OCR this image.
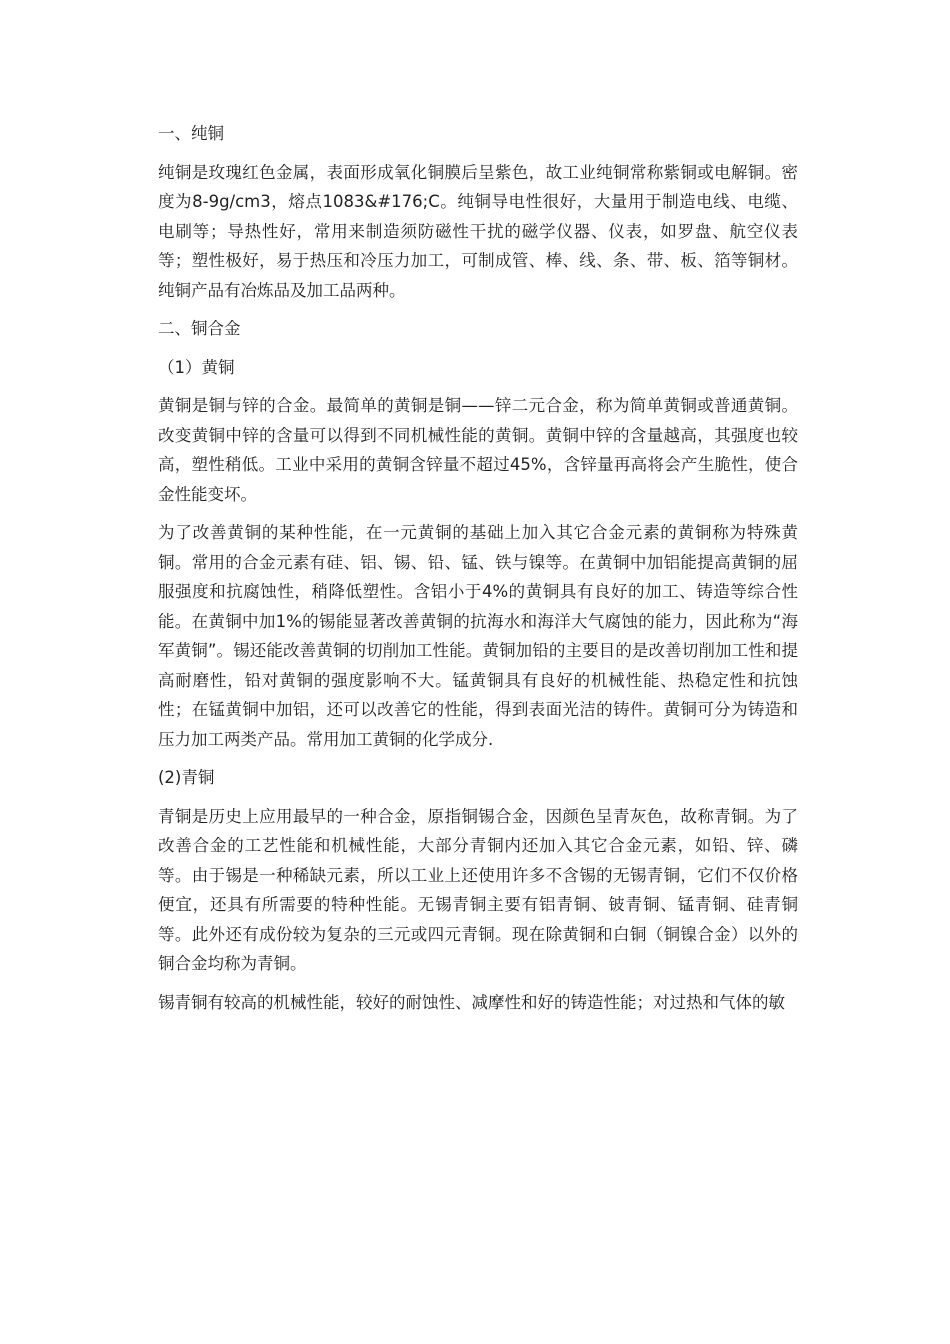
一、纯铜
纯铜是玫瑰红色金属，表面形成氧化铜膜后呈紫色，故工业纯铜常称紫铜或电解铜。密度为8-9g/cm3，熔点1083&#176;C。纯铜导电性很好，大量用于制造电线、电缆、电刷等；导热性好，常用来制造须防磁性干扰的磁学仪器、仪表，如罗盘、航空仪表等；塑性极好，易于热压和冷压力加工，可制成管、棒、线、条、带、板、箔等铜材。纯铜产品有冶炼品及加工品两种。
二、铜合金
（1）黄铜
黄铜是铜与锌的合金。最简单的黄铜是铜——锌二元合金，称为简单黄铜或普通黄铜。改变黄铜中锌的含量可以得到不同机械性能的黄铜。黄铜中锌的含量越高，其强度也较高，塑性稍低。工业中采用的黄铜含锌量不超过45%，含锌量再高将会产生脆性，使合金性能变坏。
为了改善黄铜的某种性能，在一元黄铜的基础上加入其它合金元素的黄铜称为特殊黄铜。常用的合金元素有硅、铝、锡、铅、锰、铁与镍等。在黄铜中加铝能提高黄铜的屈服强度和抗腐蚀性，稍降低塑性。含铝小于4%的黄铜具有良好的加工、铸造等综合性能。在黄铜中加1%的锡能显著改善黄铜的抗海水和海洋大气腐蚀的能力，因此称为“海军黄铜”。锡还能改善黄铜的切削加工性能。黄铜加铅的主要目的是改善切削加工性和提高耐磨性，铅对黄铜的强度影响不大。锰黄铜具有良好的机械性能、热稳定性和抗蚀性；在锰黄铜中加铝，还可以改善它的性能，得到表面光洁的铸件。黄铜可分为铸造和压力加工两类产品。常用加工黄铜的化学成分.
(2)青铜
青铜是历史上应用最早的一种合金，原指铜锡合金，因颜色呈青灰色，故称青铜。为了改善合金的工艺性能和机械性能，大部分青铜内还加入其它合金元素，如铅、锌、磷等。由于锡是一种稀缺元素，所以工业上还使用许多不含锡的无锡青铜，它们不仅价格便宜，还具有所需要的特种性能。无锡青铜主要有铝青铜、铍青铜、锰青铜、硅青铜等。此外还有成份较为复杂的三元或四元青铜。现在除黄铜和白铜（铜镍合金）以外的铜合金均称为青铜。
锡青铜有较高的机械性能，较好的耐蚀性、减摩性和好的铸造性能；对过热和气体的敏
